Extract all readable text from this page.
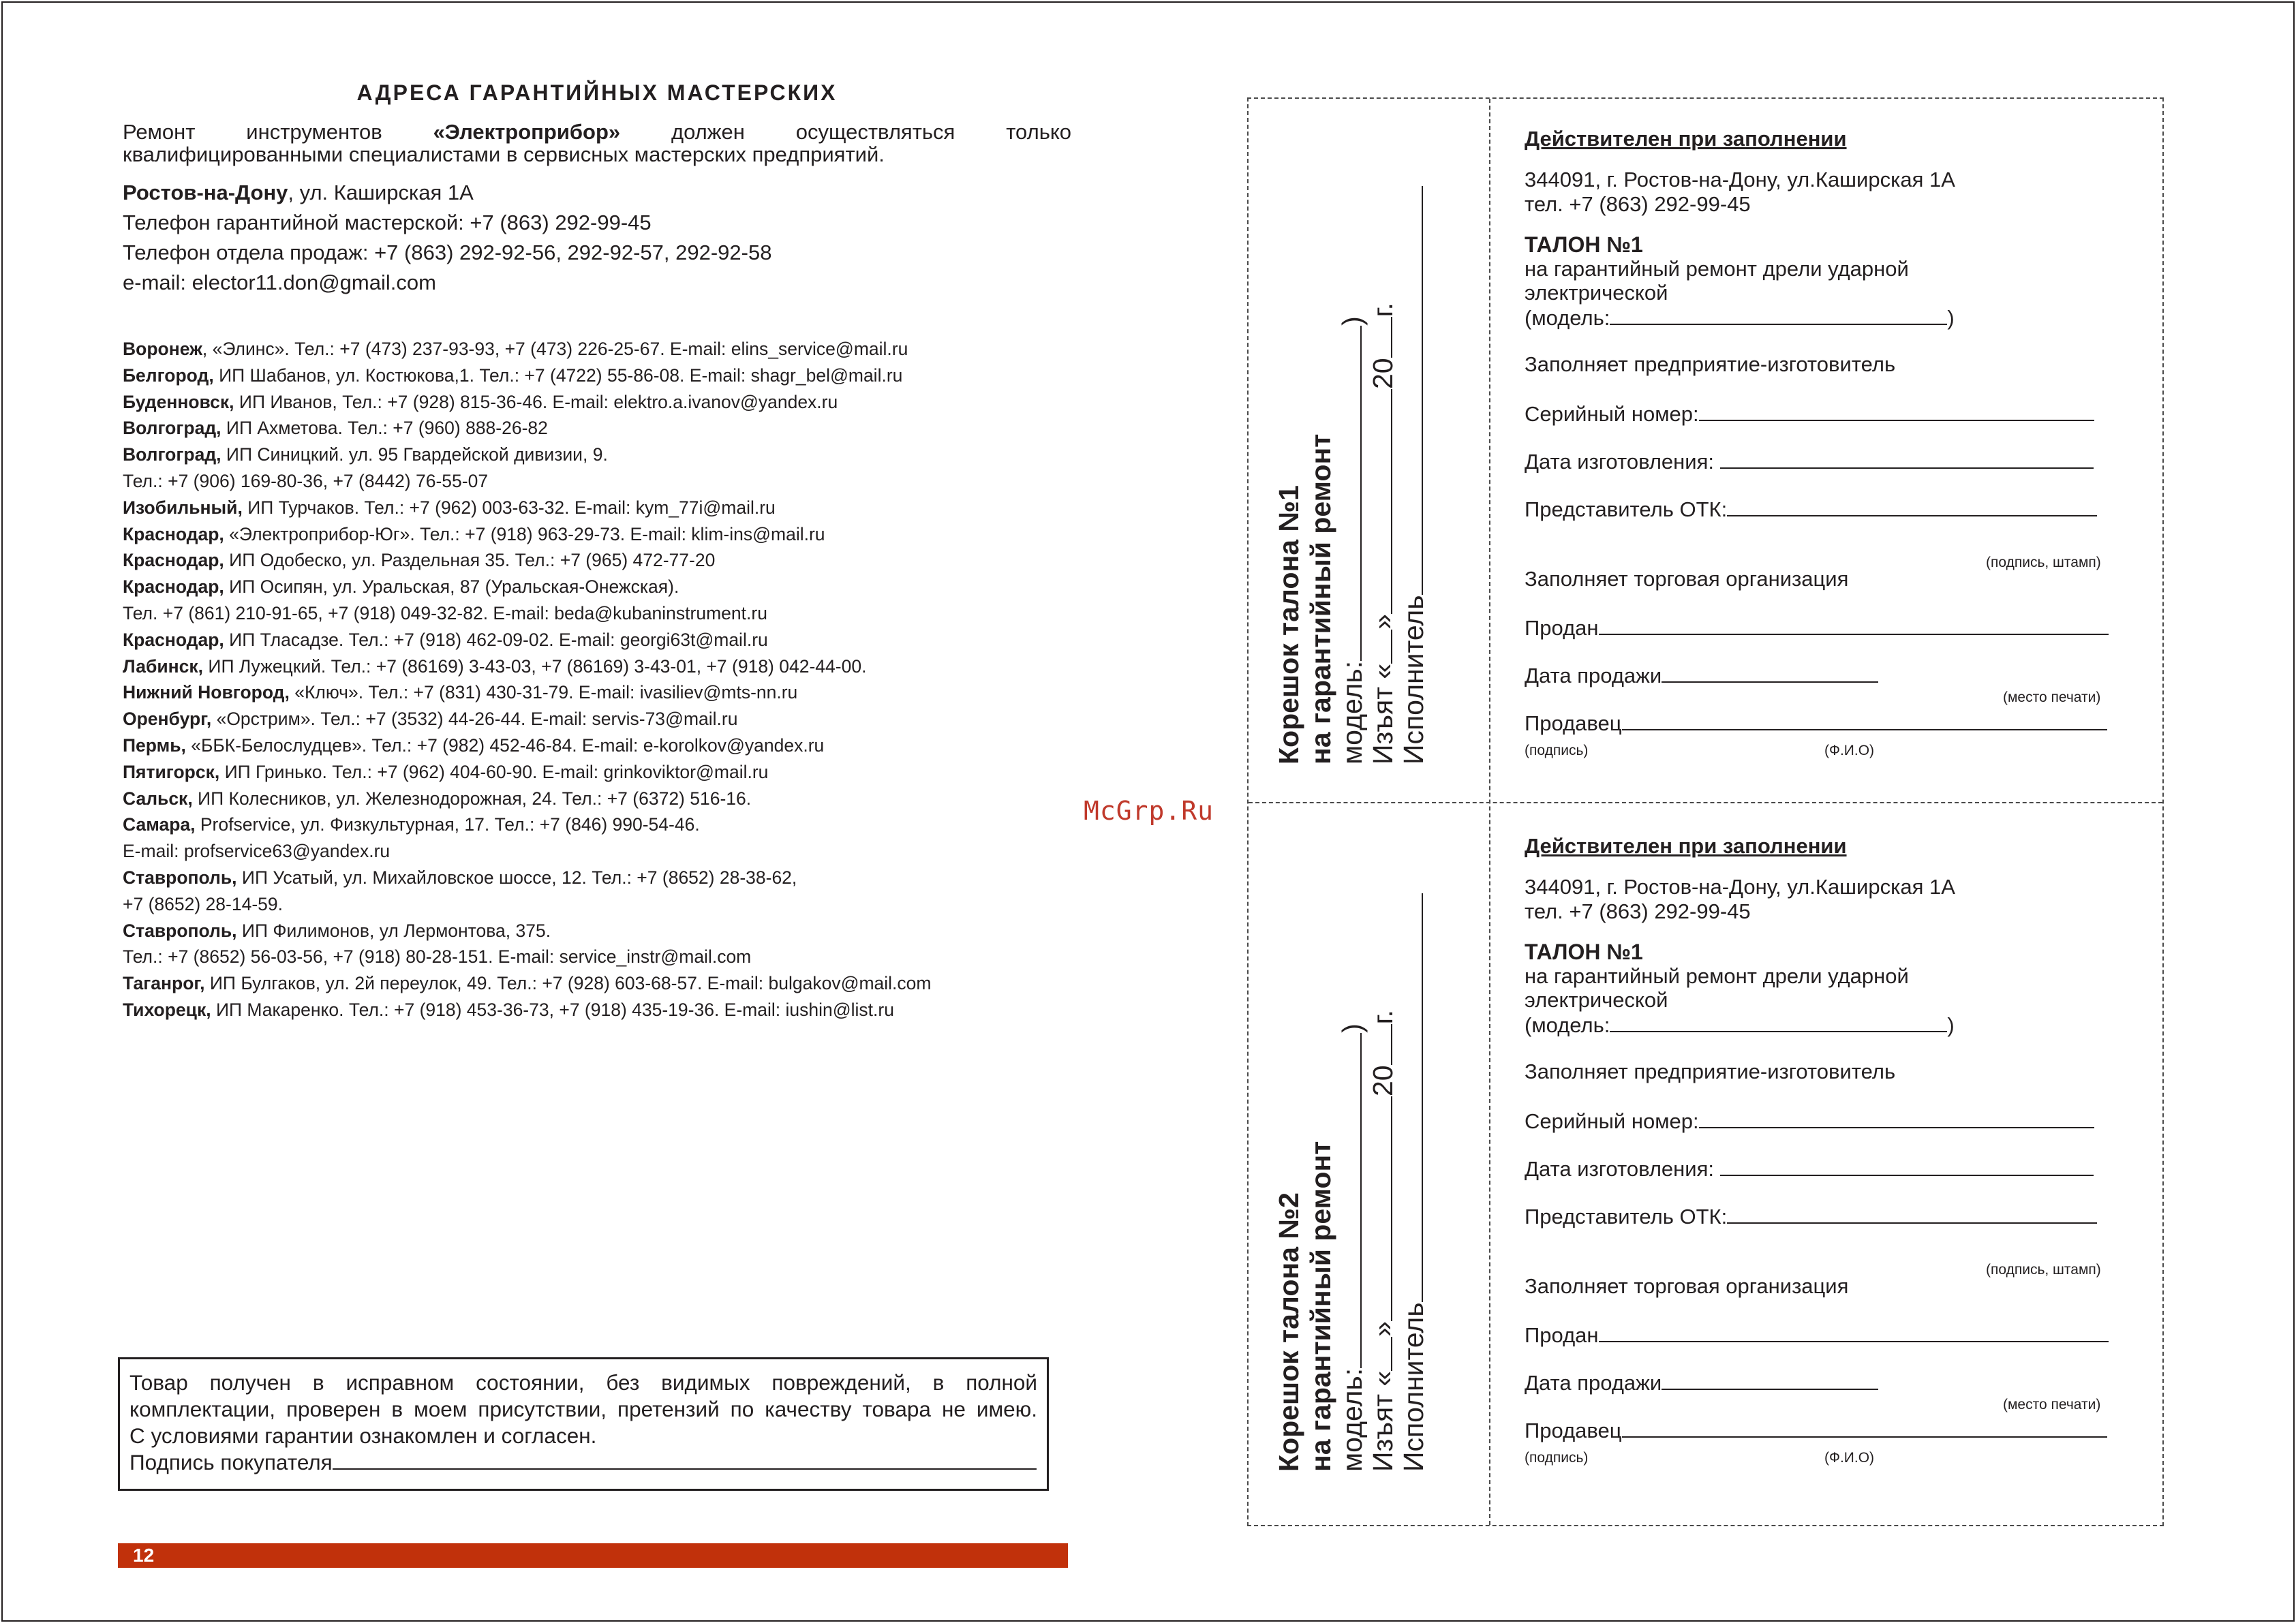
АДРЕСА ГАРАНТИЙНЫХ МАСТЕРСКИХ

Ремонт инструментов «Электроприбор» должен осуществляться только квалифицированными специалистами в сервисных мастерских предприятий.

Ростов-на-Дону, ул. Каширская 1А

Телефон гарантийной мастерской: +7 (863) 292-99-45

Телефон отдела продаж: +7 (863) 292-92-56, 292-92-57, 292-92-58

e-mail: elector11.don@gmail.com

Воронеж, «Элинс». Тел.: +7 (473) 237-93-93, +7 (473) 226-25-67. E-mail: elins_service@mail.ru

Белгород, ИП Шабанов, ул. Костюкова,1. Тел.: +7 (4722) 55-86-08. E-mail: shagr_bel@mail.ru

Буденновск, ИП Иванов, Тел.: +7 (928) 815-36-46. E-mail: elektro.a.ivanov@yandex.ru

Волгоград, ИП Ахметова. Тел.: +7 (960) 888-26-82

Волгоград, ИП Синицкий. ул. 95 Гвардейской дивизии, 9.

Тел.: +7 (906) 169-80-36, +7 (8442) 76-55-07

Изобильный, ИП Турчаков. Тел.: +7 (962) 003-63-32. E-mail: kym_77i@mail.ru

Краснодар, «Электроприбор-Юг». Тел.: +7 (918) 963-29-73. E-mail: klim-ins@mail.ru

Краснодар, ИП Одобеско, ул. Раздельная 35. Тел.: +7 (965) 472-77-20

Краснодар, ИП Осипян, ул. Уральская, 87 (Уральская-Онежская).

Тел. +7 (861) 210-91-65, +7 (918) 049-32-82. E-mail: beda@kubaninstrument.ru

Краснодар, ИП Тласадзе. Тел.: +7 (918) 462-09-02. E-mail: georgi63t@mail.ru

Лабинск, ИП Лужецкий. Тел.: +7 (86169) 3-43-03, +7 (86169) 3-43-01, +7 (918) 042-44-00.

Нижний Новгород, «Ключ». Тел.: +7 (831) 430-31-79. E-mail: ivasiliev@mts-nn.ru

Оренбург, «Орстрим». Тел.: +7 (3532) 44-26-44. E-mail: servis-73@mail.ru

Пермь, «ББК-Белослудцев». Тел.: +7 (982) 452-46-84. E-mail: e-korolkov@yandex.ru

Пятигорск, ИП Гринько. Тел.: +7 (962) 404-60-90. E-mail: grinkoviktor@mail.ru

Сальск, ИП Колесников, ул. Железнодорожная, 24. Тел.: +7 (6372) 516-16.

Самара, Profservice, ул. Физкультурная, 17. Тел.: +7 (846) 990-54-46.

E-mail: profservice63@yandex.ru

Ставрополь, ИП Усатый, ул. Михайловское шоссе, 12. Тел.: +7 (8652) 28-38-62,

+7 (8652) 28-14-59.

Ставрополь, ИП Филимонов, ул Лермонтова, 375.

Тел.: +7 (8652) 56-03-56, +7 (918) 80-28-151. E-mail: service_instr@mail.com

Таганрог, ИП Булгаков, ул. 2й переулок, 49. Тел.: +7 (928) 603-68-57. E-mail: bulgakov@mail.com

Тихорецк, ИП Макаренко. Тел.: +7 (918) 453-36-73, +7 (918) 435-19-36. E-mail: iushin@list.ru

Товар получен в исправном состоянии, без видимых повреждений, в полной

комплектации, проверен в моем присутствии, претензий по качеству товара не имею.

С условиями гарантии ознакомлен и согласен.

Подпись покупателя

12
McGrp.Ru

Корешок талона №1 на гарантийный ремонт модель:)

Изъят «»20г.

Исполнитель

Корешок талона №2 на гарантийный ремонт модель:)

Изъят «»20г.

Исполнитель

Действителен при заполнении

344091, г. Ростов-на-Дону, ул.Каширская 1А

тел. +7 (863) 292-99-45

ТАЛОН №1

на гарантийный ремонт дрели ударной

электрической

(модель:	)

Заполняет предприятие-изготовитель

Серийный номер:

Дата изготовления:

Представитель ОТК:

(подпись, штамп)

Заполняет торговая организация

Продан

Дата продажи

(место печати)

Продавец

(подпись)	(Ф.И.О)

Действителен при заполнении

344091, г. Ростов-на-Дону, ул.Каширская 1А

тел. +7 (863) 292-99-45

ТАЛОН №1

на гарантийный ремонт дрели ударной

электрической

(модель:	)

Заполняет предприятие-изготовитель

Серийный номер:

Дата изготовления:

Представитель ОТК:

(подпись, штамп)

Заполняет торговая организация

Продан

Дата продажи

(место печати)

Продавец

(подпись)	(Ф.И.О)
